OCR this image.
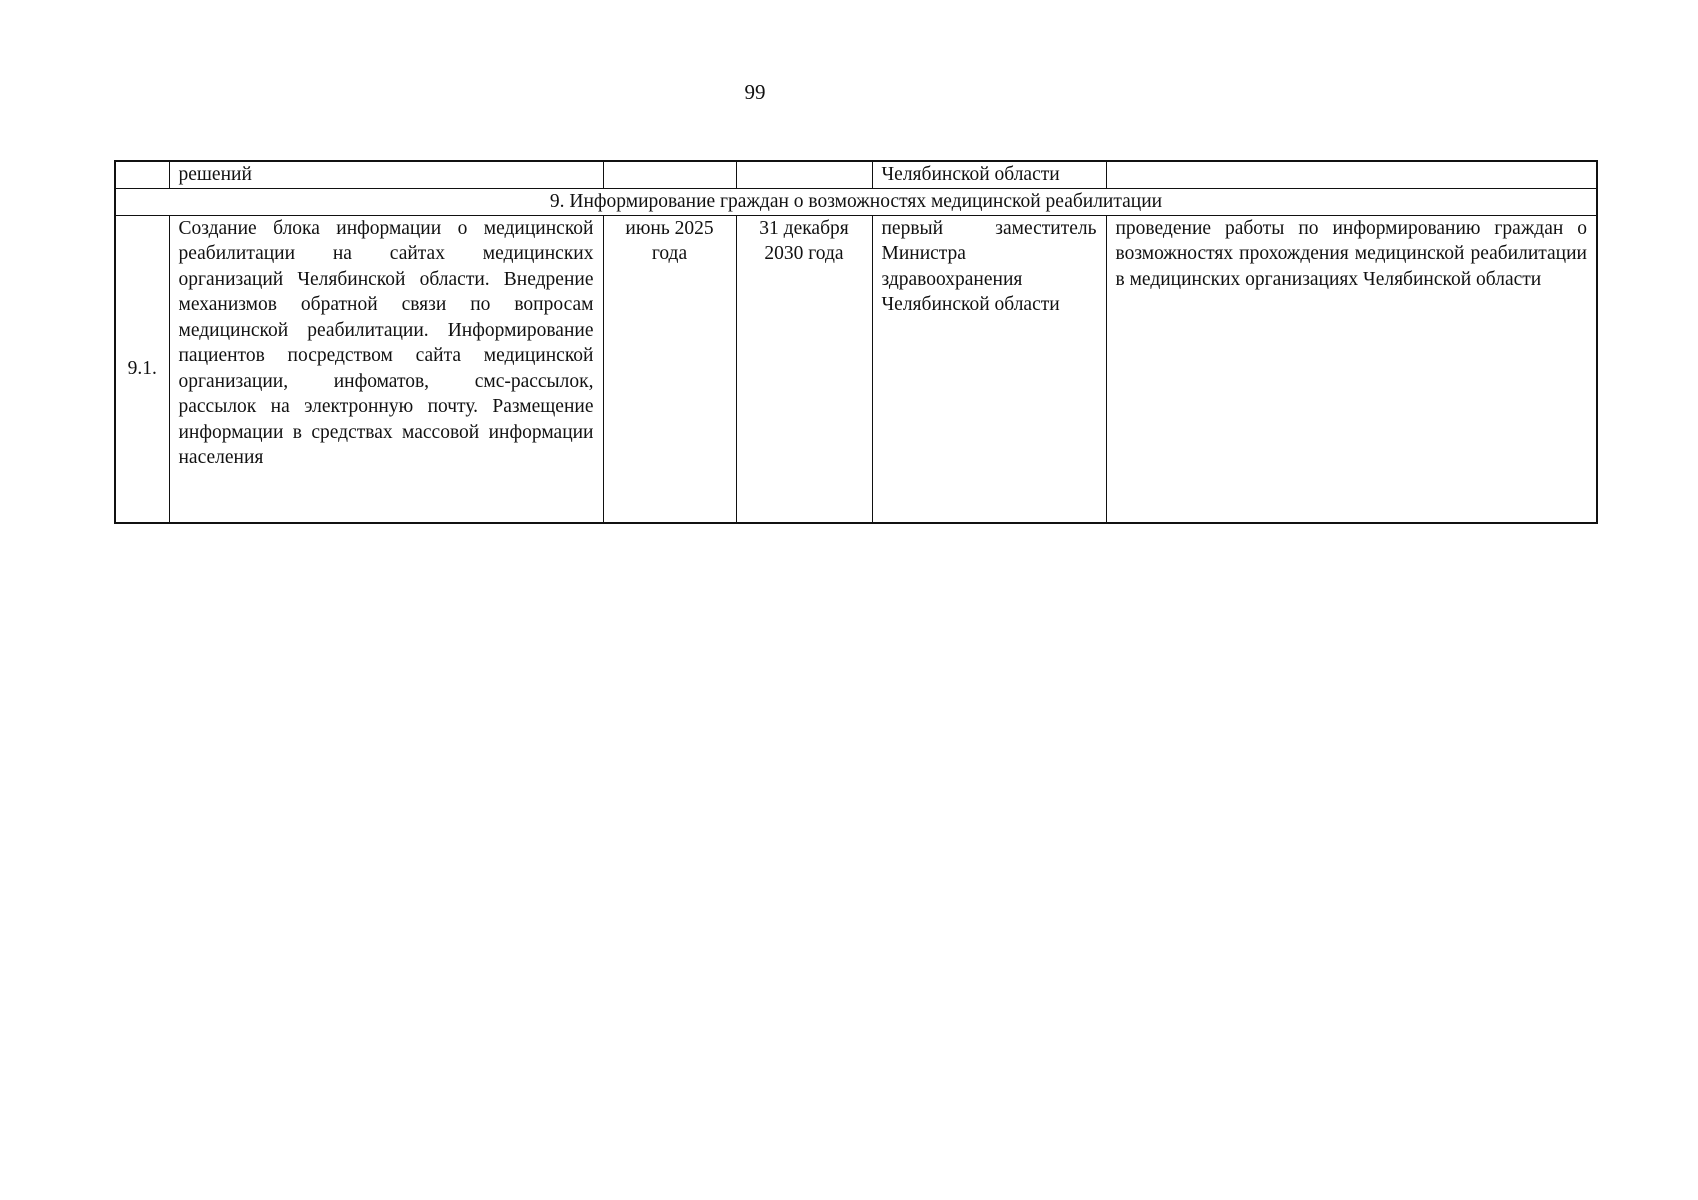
99
	решений			Челябинской области	
9. Информирование граждан о возможностях медицинской реабилитации					
9.1.	Создание блока информации о медицинской реабилитации на сайтах медицинских организаций Челябинской области. Внедрение механизмов обратной связи по вопросам медицинской реабилитации. Информирование пациентов посредством сайта медицинской организации, инфоматов, смс-рассылок, рассылок на электронную почту. Размещение информации в средствах массовой информации населения	июнь 2025 года	31 декабря 2030 года	первый заместитель Министра здравоохранения Челябинской области	проведение работы по информированию граждан о возможностях прохождения медицинской реабилитации в медицинских организациях Челябинской области
